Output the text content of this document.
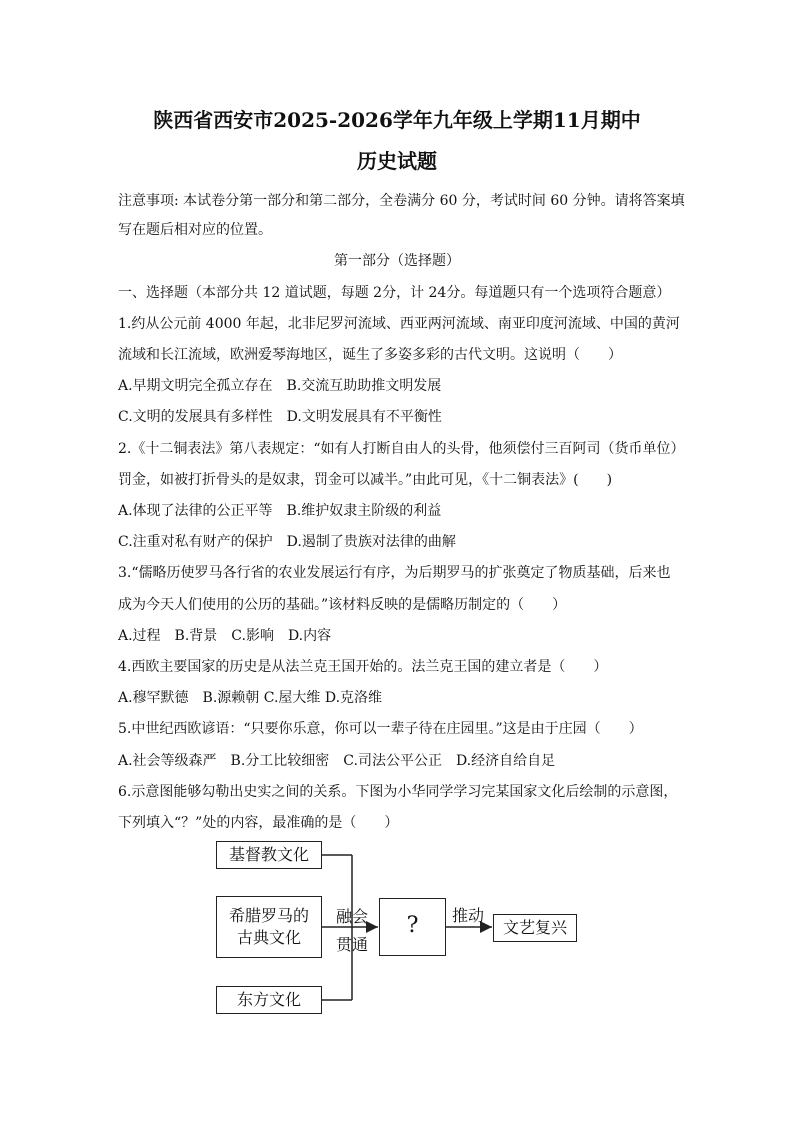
陕西省西安市2025-2026学年九年级上学期11月期中
历史试题
注意事项: 本试卷分第一部分和第二部分，全卷满分 60 分，考试时间 60 分钟。请将答案填
写在题后相对应的位置。
第一部分（选择题）
一、选择题（本部分共 12 道试题，每题 2分，计 24分。每道题只有一个选项符合题意）
1.约从公元前 4000 年起，北非尼罗河流域、西亚两河流域、南亚印度河流域、中国的黄河
流域和长江流域，欧洲爱琴海地区，诞生了多姿多彩的古代文明。这说明（　　）
A.早期文明完全孤立存在　B.交流互助助推文明发展
C.文明的发展具有多样性　D.文明发展具有不平衡性
2.《十二铜表法》第八表规定：“如有人打断自由人的头骨，他须偿付三百阿司（货币单位）
罚金，如被打折骨头的是奴隶，罚金可以减半。”由此可见，《十二铜表法》(　　)
A.体现了法律的公正平等　B.维护奴隶主阶级的利益
C.注重对私有财产的保护　D.遏制了贵族对法律的曲解
3.“儒略历使罗马各行省的农业发展运行有序，为后期罗马的扩张奠定了物质基础，后来也
成为今天人们使用的公历的基础。”该材料反映的是儒略历制定的（　　）
A.过程　B.背景　C.影响　D.内容
4.西欧主要国家的历史是从法兰克王国开始的。法兰克王国的建立者是（　　）
A.穆罕默德　B.源赖朝 C.屋大维 D.克洛维
5.中世纪西欧谚语：“只要你乐意，你可以一辈子待在庄园里。”这是由于庄园（　　）
A.社会等级森严　B.分工比较细密　C.司法公平公正　D.经济自给自足
6.示意图能够勾勒出史实之间的关系。下图为小华同学学习完某国家文化后绘制的示意图，
下列填入“？”处的内容，最准确的是（　　）
基督教文化
希腊罗马的
古典文化
东方文化
融会
贯通
?	推动
文艺复兴
